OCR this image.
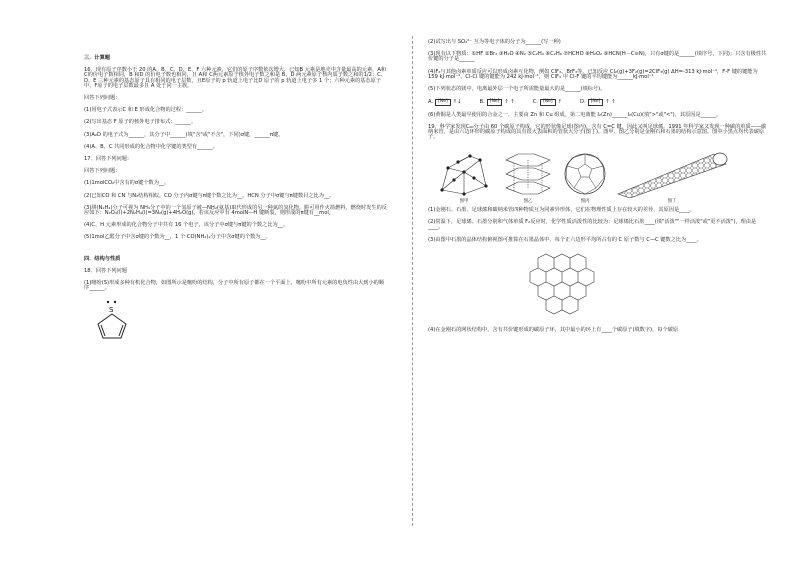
三．计算题

16．现有原子序数小于 20 的A、B、C、D、E、F 六种元素，它们的原子序数依次增大，已知B 元素是地壳中含量最高的元素，A和C的价电子数相同，B 和D 的价电子数也相同，且 A和 C两元素原子核外电子数之和是 B、D 两元素原子核内质子数之和的1/2；C、D、E 三种元素的基态原子具有相同的电子层数，且E原子的 p 轨道上电子比D 原子的 p 轨道上电子多 1 个；六种元素的基态原子中，F原子的电子层数最多且 A 处于同一主族。

回答下列问题：

(1)用电子式表示C 和 E 形成化合物的过程：______。

(2)写出基态 F 原子的核外电子排布式：______。

(3)A₂D 的电子式为______，其分子中______(填"含"或"不含"，下同)σ键，______π键。

(4)A、B、C 共同形成的化合物中化学键的类型有______。

17．回答下列问题：

回答下列问题：

(1)1molCO₂中含有的σ键个数为__。

(2)已知CO 和 CN 与N₂结构相似，CO 分子内σ键与π键个数之比为__。HCN 分子中σ键与π键数目之比为__。

(3)肼(N₂H₄)分子可视为 NH₃分子中的一个氢原子被—NH₂(氨基)取代形成的另一种氮的氢化物。肼可用作火箭燃料，燃烧时发生的反应如下：N₂O₄(l)+2N₂H₄(l)=3N₂(g)+4H₂O(g)。若该反应中有 4molN—H 键断裂，则形成的π键有__mol。

(4)C、H 元素形成的化合物分子中共有 16 个电子，该分子中σ键与π键的个数之比为__。

(5)1mol乙醛分子中含σ键的个数为__，1 个 CO(NH₂)₂分子中含σ键的个数为__。

四．结构与性质

18．回答下列问题

(1)噻吩(S)形成多种有机化合物，如图所示是噻吩的结构，分子中所有原子都在一个平面上，噻吩中所有元素的电负性由大到小的顺序______。

S

(2)试写出与 SO₄²⁻ 互为等电子体的分子为______(写一种)

(3)现有以下物质：①HF ②Br₂ ③H₂O ④N₂ ⑤C₂H₄ ⑥C₂H₆ ⑦HCHO ⑧H₂O₂ ⑨HCN(H－C≡N)，只有σ键的是______(填序号，下同)；只含有极性共价键的分子是______

(4)F₂与其他卤素单质反应可以形成卤素互化物，例如 ClF₃、BrF₃等。已知反应 Cl₂(g)+3F₂(g)=2ClF₃(g) ΔH=-313 kJ·mol⁻¹，F-F 键的键能为 159 kJ·mol⁻¹，Cl-Cl 键的键能为 242 kJ·mol⁻¹，则 ClF₃ 中 Cl-F 键的平均键能为______kJ·mol⁻¹

(5)下列状态的镁中，电离最外层一个电子所需能量最大的是______(填标号)。

A.	[Ne] ↑↓	B.	[Ne] ↑ ↑	C.	[Ne] ↑	D.	[Ne] ↑ ↑

(6)黄铜是人类最早使用的合金之一，主要由 Zn 和 Cu 组成。第二电离能 I₂(Zn)______I₂(Cu)(填">"或"<")，其原因是______。

19．科学家发现C₆₀分子由 60 个碳原子构成，它的形状像足球(图丙)，含有 C=C 键，因此又叫足球烯。1991 年科学家又发现一种碳的单质——碳纳米管，是由六边环形的碳原子构成的具有很大表面积的管状大分子(图丁)。图甲、图乙分别是金刚石和石墨的结构示意图。图中小黑点均代表碳原子。

图甲	图乙	图丙	图丁

(1)金刚石、石墨、足球烯和碳纳米管四种物质互为同素异形体，它们在物理性质上存在较大的差异，其原因是____。

(2)常温下，足球烯、石墨分别和气体单质 F₂反应时，化学性质活泼性的比较为：足球烯比石墨____(填"活泼""一样活泼"或"更不活泼")，理由是____。

(3)由图中石墨的晶体结构俯视图可推算在石墨晶体中，每个正六边形平均所占有的 C 原子数与 C—C 键数之比为____。

(4)在金刚石的网状结构中，含有共价键形成的碳原子环，其中最小的环上有____个碳原子(填数字)，每个碳原
